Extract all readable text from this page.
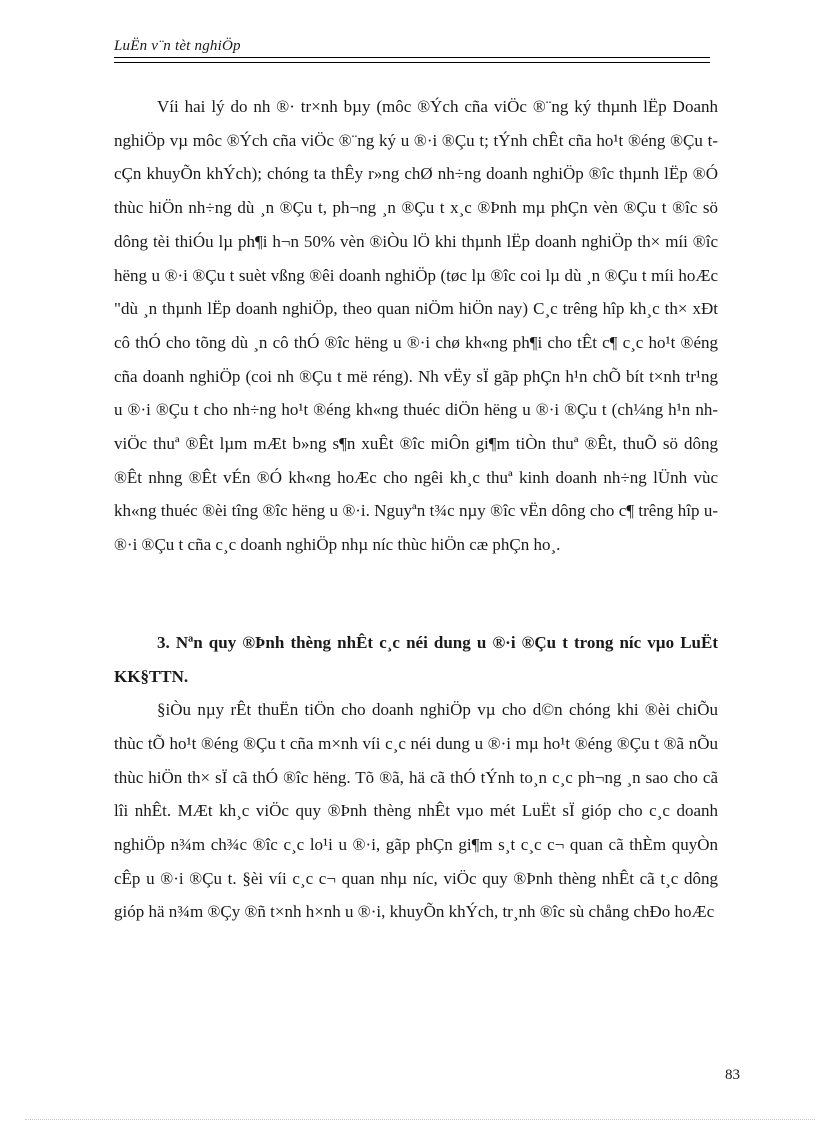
LuËn v¨n tèt nghiÖp

Víi hai lý do nh ®· tr×nh bµy (môc ®Ých cña viÖc ®¨ng ký thµnh lËp Doanh nghiÖp vµ môc ®Ých cña viÖc ®¨ng ký u ®·i ®Çu t; tÝnh chÊt cña ho¹t ®éng ®Çu t cÇn khuyÕn khÝch); chóng ta thÊy r»ng chØ nh÷ng doanh nghiÖp ®îc thµnh lËp ®Ó thùc hiÖn nh÷ng dù ¸n ®Çu t, ph¬ng ¸n ®Çu t x¸c ®Þnh mµ phÇn vèn ®Çu t ®îc sö dông tèi thiÓu lµ ph¶i h¬n 50% vèn ®iÒu lÖ khi thµnh lËp doanh nghiÖp th× míi ®îc hëng u ®·i ®Çu t suèt vßng ®êi doanh nghiÖp (tøc lµ ®îc coi lµ dù ¸n ®Çu t míi hoÆc "dù ¸n thµnh lËp doanh nghiÖp, theo quan niÖm hiÖn nay) C¸c trêng hîp kh¸c th× xÐt cô thÓ cho tõng dù ¸n cô thÓ ®îc hëng u ®·i chø kh«ng ph¶i cho tÊt c¶ c¸c ho¹t ®éng cña doanh nghiÖp (coi nh ®Çu t më réng). Nh vËy sÏ gãp phÇn h¹n chÕ bít t×nh tr¹ng u ®·i ®Çu t cho nh÷ng ho¹t ®éng kh«ng thuéc diÖn hëng u ®·i ®Çu t (ch¼ng h¹n nh viÖc thuª ®Êt lµm mÆt b»ng s¶n xuÊt ®îc miÔn gi¶m tiÒn thuª ®Êt, thuÕ sö dông ®Êt nhng ®Êt vÉn ®Ó kh«ng hoÆc cho ngêi kh¸c thuª kinh doanh nh÷ng lÜnh vùc kh«ng thuéc ®èi tîng ®îc hëng u ®·i. Nguyªn t¾c nµy ®îc vËn dông cho c¶ trêng hîp u ®·i ®Çu t cña c¸c doanh nghiÖp nhµ níc thùc hiÖn cæ phÇn ho¸.

3. Nªn quy ®Þnh thèng nhÊt c¸c néi dung u ®·i ®Çu t trong níc vµo LuËt KK§TTN.

§iÒu nµy rÊt thuËn tiÖn cho doanh nghiÖp vµ cho d©n chóng khi ®èi chiÕu thùc tÕ ho¹t ®éng ®Çu t cña m×nh víi c¸c néi dung u ®·i mµ ho¹t ®éng ®Çu t ®ã nÕu thùc hiÖn th× sÏ cã thÓ ®îc hëng. Tõ ®ã, hä cã thÓ tÝnh to¸n c¸c ph¬ng ¸n sao cho cã lîi nhÊt. MÆt kh¸c viÖc quy ®Þnh thèng nhÊt vµo mét LuËt sÏ gióp cho c¸c doanh nghiÖp n¾m ch¾c ®îc c¸c lo¹i u ®·i, gãp phÇn gi¶m s¸t c¸c c¬ quan cã thÈm quyÒn cÊp u ®·i ®Çu t. §èi víi c¸c c¬ quan nhµ níc, viÖc quy ®Þnh thèng nhÊt cã t¸c dông gióp hä n¾m ®Çy ®ñ t×nh h×nh u ®·i, khuyÕn khÝch, tr¸nh ®îc sù chång chÐo hoÆc

83
